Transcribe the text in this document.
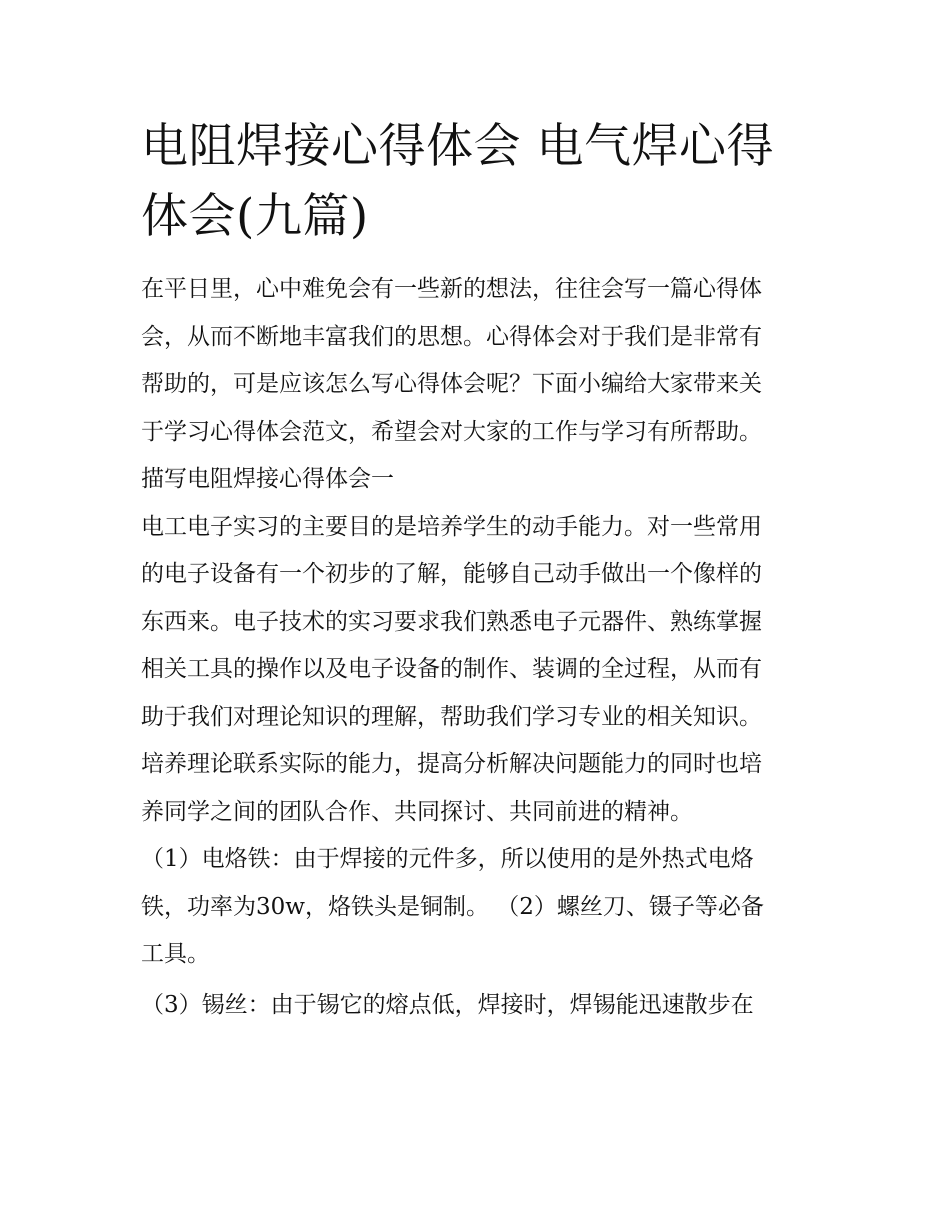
电阻焊接心得体会 电气焊心得
体会(九篇)

在平日里，心中难免会有一些新的想法，往往会写一篇心得体
会，从而不断地丰富我们的思想。心得体会对于我们是非常有
帮助的，可是应该怎么写心得体会呢？下面小编给大家带来关
于学习心得体会范文，希望会对大家的工作与学习有所帮助。

描写电阻焊接心得体会一

电工电子实习的主要目的是培养学生的动手能力。对一些常用
的电子设备有一个初步的了解，能够自己动手做出一个像样的
东西来。电子技术的实习要求我们熟悉电子元器件、熟练掌握
相关工具的操作以及电子设备的制作、装调的全过程，从而有
助于我们对理论知识的理解，帮助我们学习专业的相关知识。
培养理论联系实际的能力，提高分析解决问题能力的同时也培
养同学之间的团队合作、共同探讨、共同前进的精神。

（1）电烙铁：由于焊接的元件多，所以使用的是外热式电烙
铁，功率为30w，烙铁头是铜制。 （2）螺丝刀、镊子等必备
工具。

（3）锡丝：由于锡它的熔点低，焊接时，焊锡能迅速散步在
